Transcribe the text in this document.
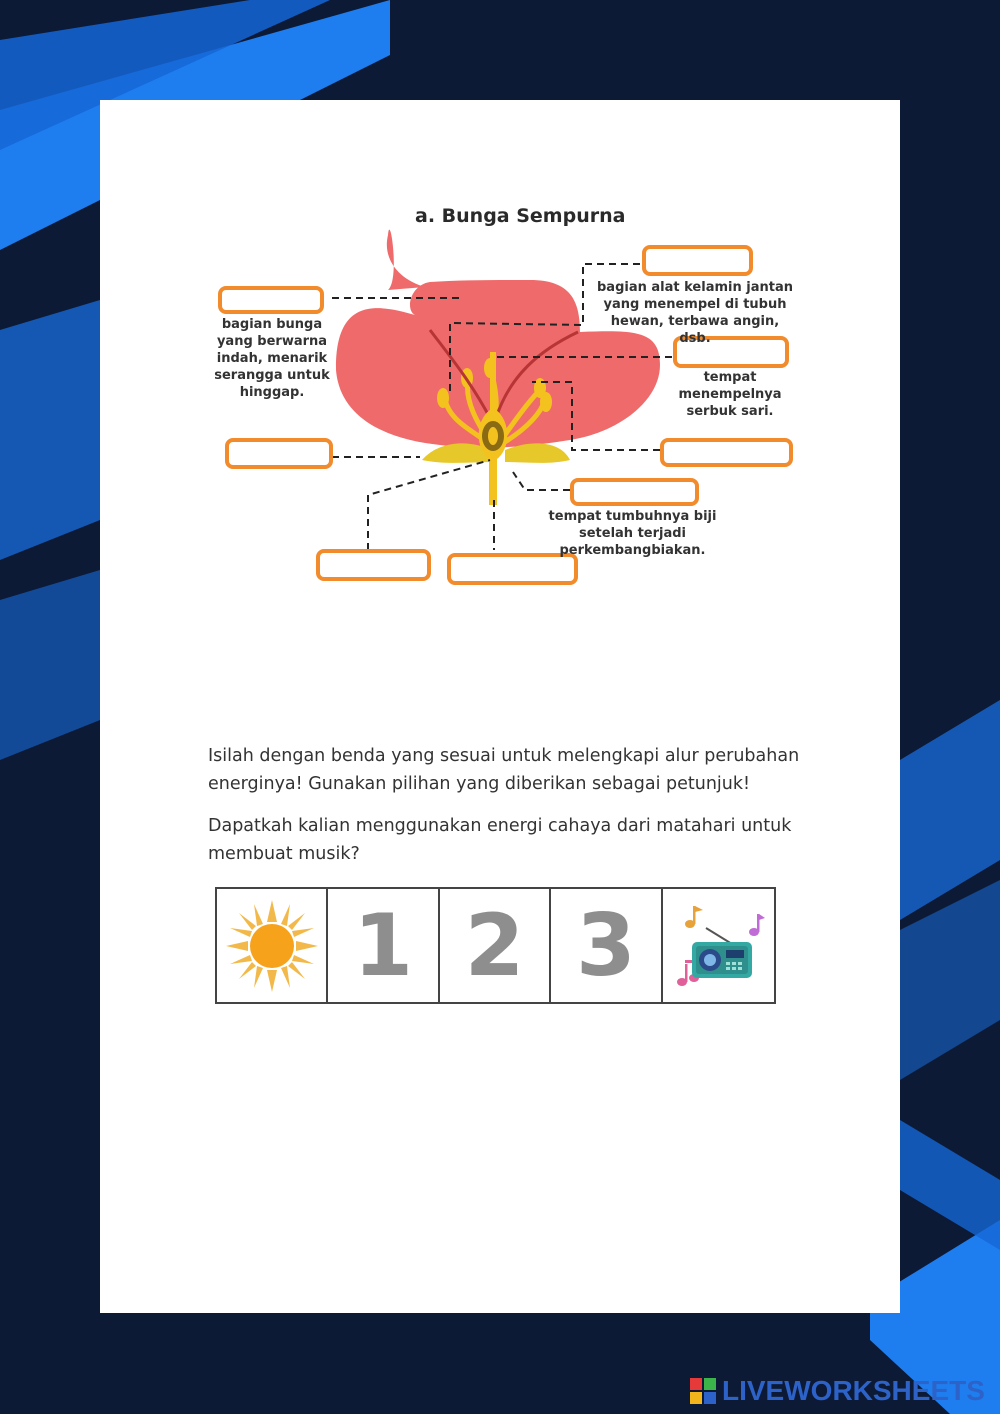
a. Bunga Sempurna
bagian bunga yang berwarna indah, menarik serangga untuk hinggap.
bagian alat kelamin jantan yang menempel di tubuh hewan, terbawa angin, dsb.
tempat menempelnya serbuk sari.
tempat tumbuhnya biji setelah terjadi perkembangbiakan.
Isilah dengan benda yang sesuai untuk melengkapi alur perubahan energinya! Gunakan pilihan yang diberikan sebagai petunjuk!
Dapatkah kalian menggunakan energi cahaya dari matahari untuk membuat musik?
1 2 3
LIVEWORKSHEETS
